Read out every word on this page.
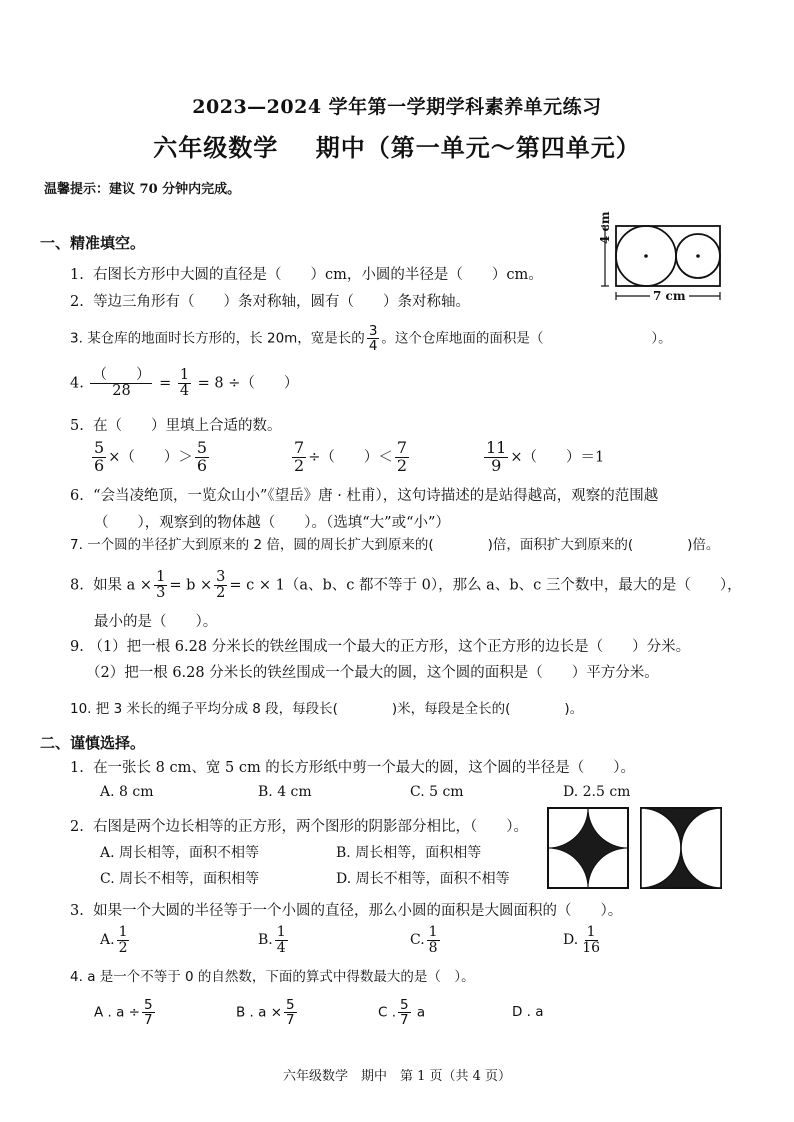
2023—2024 学年第一学期学科素养单元练习
六年级数学    期中（第一单元～第四单元）
温馨提示：建议 70 分钟内完成。
一、精准填空。	4 cm
7 cm
1. 右图长方形中大圆的直径是（　　）cm，小圆的半径是（　　）cm。
2. 等边三角形有（　　）条对称轴，圆有（　　）条对称轴。
3. 某仓库的地面时长方形的，长 20m，宽是长的 $\frac{3}{4}$ 。这个仓库地面的面积是（　　　　　　　　）。
4. $\frac{( )}{28} = \frac{1}{4} = 8$ ÷（　　）
5. 在（　　）里填上合适的数。
$\frac{5}{6}$ ×（　　）＞ $\frac{5}{6}$	$\frac{7}{2}$ ÷（　　）＜ $\frac{7}{2}$	$\frac{11}{9}$ ×（　　）＝1
6. “会当凌绝顶，一览众山小”《望岳》唐 · 杜甫），这句诗描述的是站得越高，观察的范围越
（　　），观察到的物体越（　　）。（选填“大”或“小”）
7. 一个圆的半径扩大到原来的 2 倍，圆的周长扩大到原来的(　　　　)倍，面积扩大到原来的(　　　　)倍。
8. 如果 $a \times \frac{1}{3} = b \times \frac{3}{2} = c \times 1(a$、b、c 都不等于 0），那么 a、b、c 三个数中，最大的是（　　），
最小的是（　　）。
9. （1）把一根 6.28 分米长的铁丝围成一个最大的正方形，这个正方形的边长是（　　）分米。
（2）把一根 6.28 分米长的铁丝围成一个最大的圆，这个圆的面积是（　　）平方分米。
10. 把 3 米长的绳子平均分成 8 段，每段长(　　　　)米，每段是全长的(　　　　)。
二、谨慎选择。
1. 在一张长 8 cm、宽 5 cm 的长方形纸中剪一个最大的圆，这个圆的半径是（　　）。
A. 8 cm	B. 4 cm	C. 5 cm	D. 2.5 cm
2. 右图是两个边长相等的正方形，两个图形的阴影部分相比，（　　）。
A. 周长相等，面积不相等	B. 周长相等，面积相等
C. 周长不相等，面积相等	D. 周长不相等，面积不相等
3. 如果一个大圆的半径等于一个小圆的直径，那么小圆的面积是大圆面积的（　　）。
A. $\frac{1}{2}$	B. $\frac{1}{4}$	C. $\frac{1}{8}$	D. $\frac{1}{16}$
4. a 是一个不等于 0 的自然数，下面的算式中得数最大的是（　）。
A . $a \div \frac{5}{7}$	B . $a \times \frac{5}{7}$	C . $\frac{5}{7}$ a	D . a
六年级数学　期中　第 1 页（共 4 页）
